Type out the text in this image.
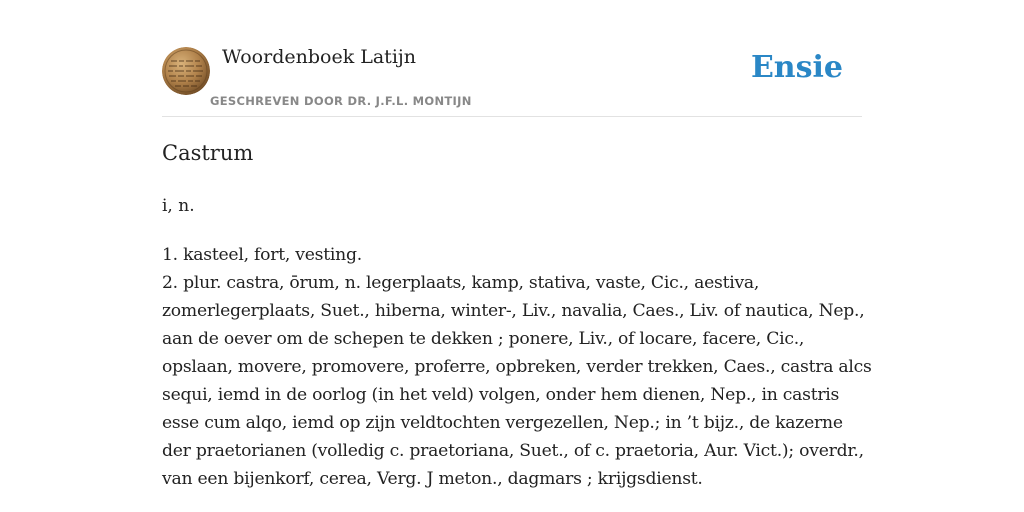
Woordenboek Latijn
GESCHREVEN DOOR DR. J.F.L. MONTIJN
Ensie
Castrum

i, n.

1. kasteel, fort, vesting.
2. plur. castra, ōrum, n. legerplaats, kamp, stativa, vaste, Cic., aestiva,
zomerlegerplaats, Suet., hiberna, winter-, Liv., navalia, Caes., Liv. of nautica, Nep.,
aan de oever om de schepen te dekken ; ponere, Liv., of locare, facere, Cic.,
opslaan, movere, promovere, proferre, opbreken, verder trekken, Caes., castra alcs
sequi, iemd in de oorlog (in het veld) volgen, onder hem dienen, Nep., in castris
esse cum alqo, iemd op zijn veldtochten vergezellen, Nep.; in ’t bijz., de kazerne
der praetorianen (volledig c. praetoriana, Suet., of c. praetoria, Aur. Vict.); overdr.,
van een bijenkorf, cerea, Verg. J meton., dagmars ; krijgsdienst.
